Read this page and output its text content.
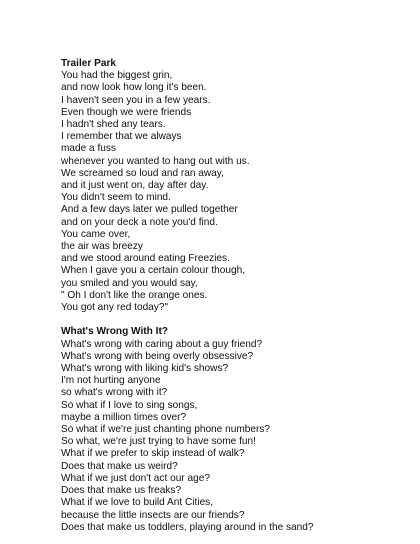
Trailer Park

You had the biggest grin,

and now look how long it's been.

I haven't seen you in a few years.

Even though we were friends

I hadn't shed any tears.

I remember that we always

made a fuss

whenever you wanted to hang out with us.

We screamed so loud and ran away,

and it just went on, day after day.

You didn't seem to mind.

And a few days later we pulled together

and on your deck a note you'd find.

You came over,

the air was breezy

and we stood around eating Freezies.

When I gave you a certain colour though,

you smiled and you would say,

" Oh I don't like the orange ones.

You got any red today?"

What's Wrong With It?

What's wrong with caring about a guy friend?

What's wrong with being overly obsessive?

What's wrong with liking kid's shows?

I'm not hurting anyone

so what's wrong with it?

So what if I love to sing songs,

maybe a million times over?

So what if we're just chanting phone numbers?

So what, we're just trying to have some fun!

What if we prefer to skip instead of walk?

Does that make us weird?

What if we just don't act our age?

Does that make us freaks?

What if we love to build Ant Cities,

because the little insects are our friends?

Does that make us toddlers, playing around in the sand?
